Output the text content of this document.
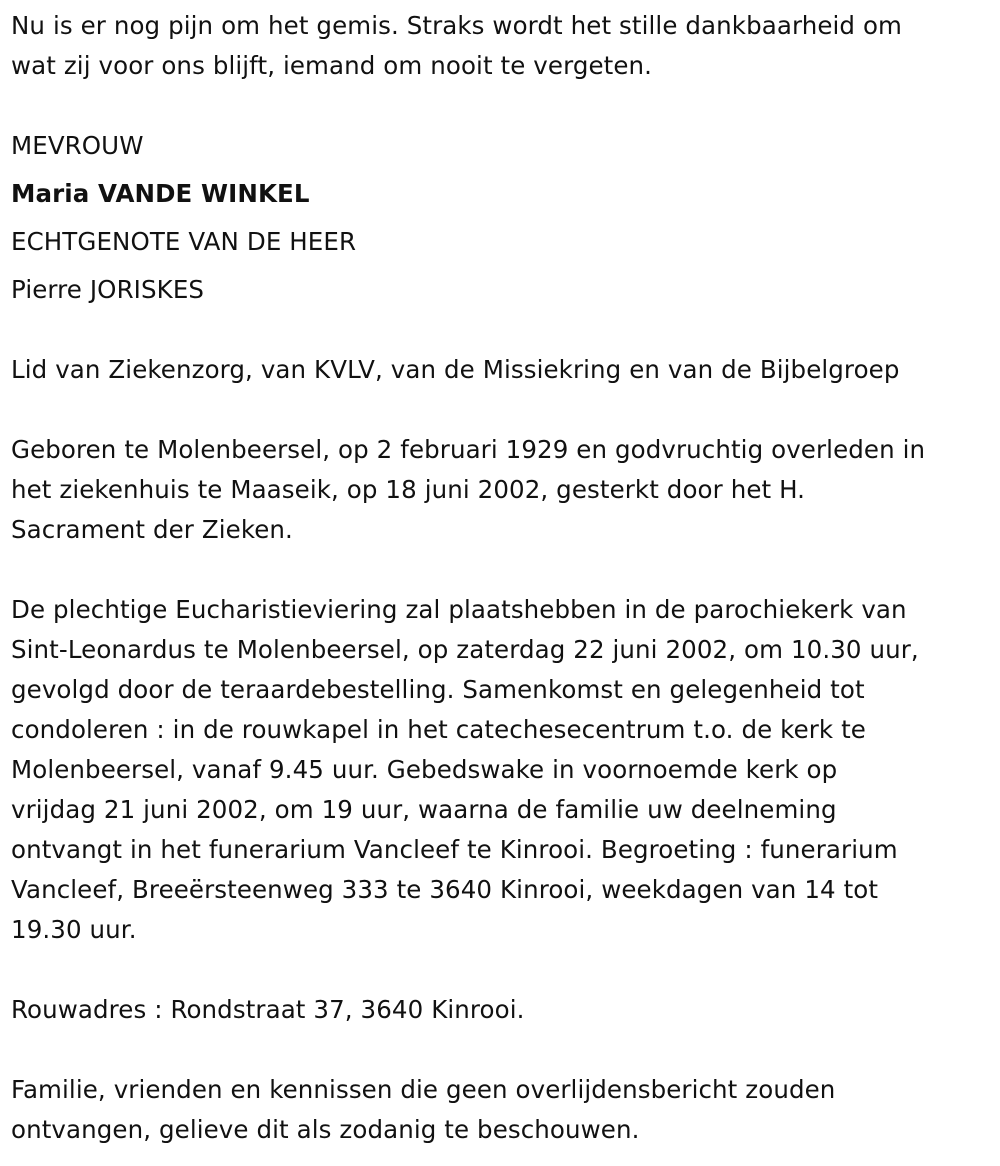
Nu is er nog pijn om het gemis. Straks wordt het stille dankbaarheid om

wat zij voor ons blijft, iemand om nooit te vergeten.

MEVROUW

Maria VANDE WINKEL

ECHTGENOTE VAN DE HEER

Pierre JORISKES

Lid van Ziekenzorg, van KVLV, van de Missiekring en van de Bijbelgroep

Geboren te Molenbeersel, op 2 februari 1929 en godvruchtig overleden in

het ziekenhuis te Maaseik, op 18 juni 2002, gesterkt door het H.

Sacrament der Zieken.

De plechtige Eucharistieviering zal plaatshebben in de parochiekerk van

Sint-Leonardus te Molenbeersel, op zaterdag 22 juni 2002, om 10.30 uur,

gevolgd door de teraardebestelling. Samenkomst en gelegenheid tot

condoleren : in de rouwkapel in het catechesecentrum t.o. de kerk te

Molenbeersel, vanaf 9.45 uur. Gebedswake in voornoemde kerk op

vrijdag 21 juni 2002, om 19 uur, waarna de familie uw deelneming

ontvangt in het funerarium Vancleef te Kinrooi. Begroeting : funerarium

Vancleef, Breeërsteenweg 333 te 3640 Kinrooi, weekdagen van 14 tot

19.30 uur.

Rouwadres : Rondstraat 37, 3640 Kinrooi.

Familie, vrienden en kennissen die geen overlijdensbericht zouden

ontvangen, gelieve dit als zodanig te beschouwen.
